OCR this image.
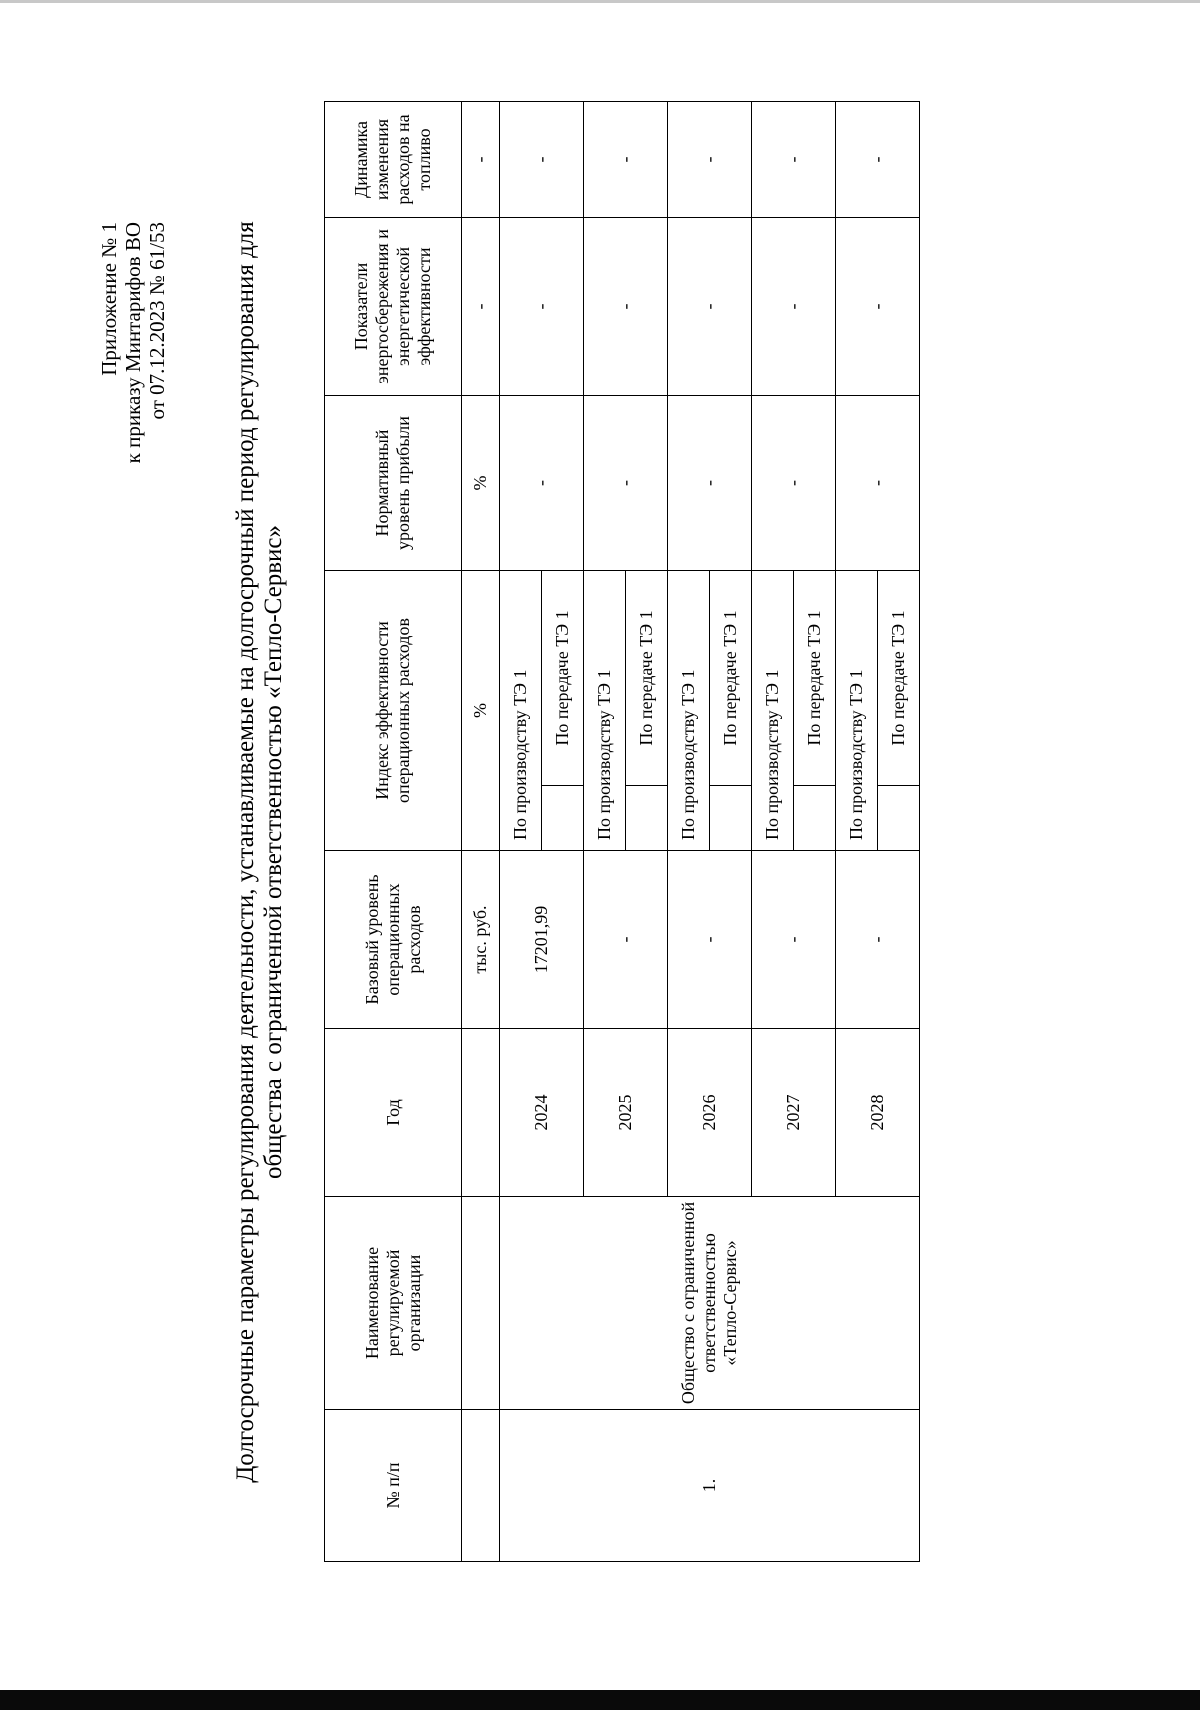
Приложение № 1 к приказу Минтарифов ВО от 07.12.2023 № 61/53	Долгосрочные параметры регулирования деятельности, устанавливаемые на долгосрочный период регулирования для общества с ограниченной ответственностью «Тепло-Сервис»
№ п/п	Наименование регулируемой организации	Год	Базовый уровень операционных расходов	Индекс эффективности операционных расходов		Нормативный уровень прибыли	Показатели энергосбережения и энергетической эффективности	Динамика изменения расходов на топливо
			тыс. руб.	%		%	-	-
1.	Общество с ограниченной ответственностью «Тепло-Сервис»	2024	17201,99	По производству ТЭ 1		-	-	-
					По передаче ТЭ 1			
		2025	-	По производству ТЭ 1		-	-	-
					По передаче ТЭ 1			
		2026	-	По производству ТЭ 1		-	-	-
					По передаче ТЭ 1			
		2027	-	По производству ТЭ 1		-	-	-
					По передаче ТЭ 1			
		2028	-	По производству ТЭ 1		-	-	-
					По передаче ТЭ 1			
